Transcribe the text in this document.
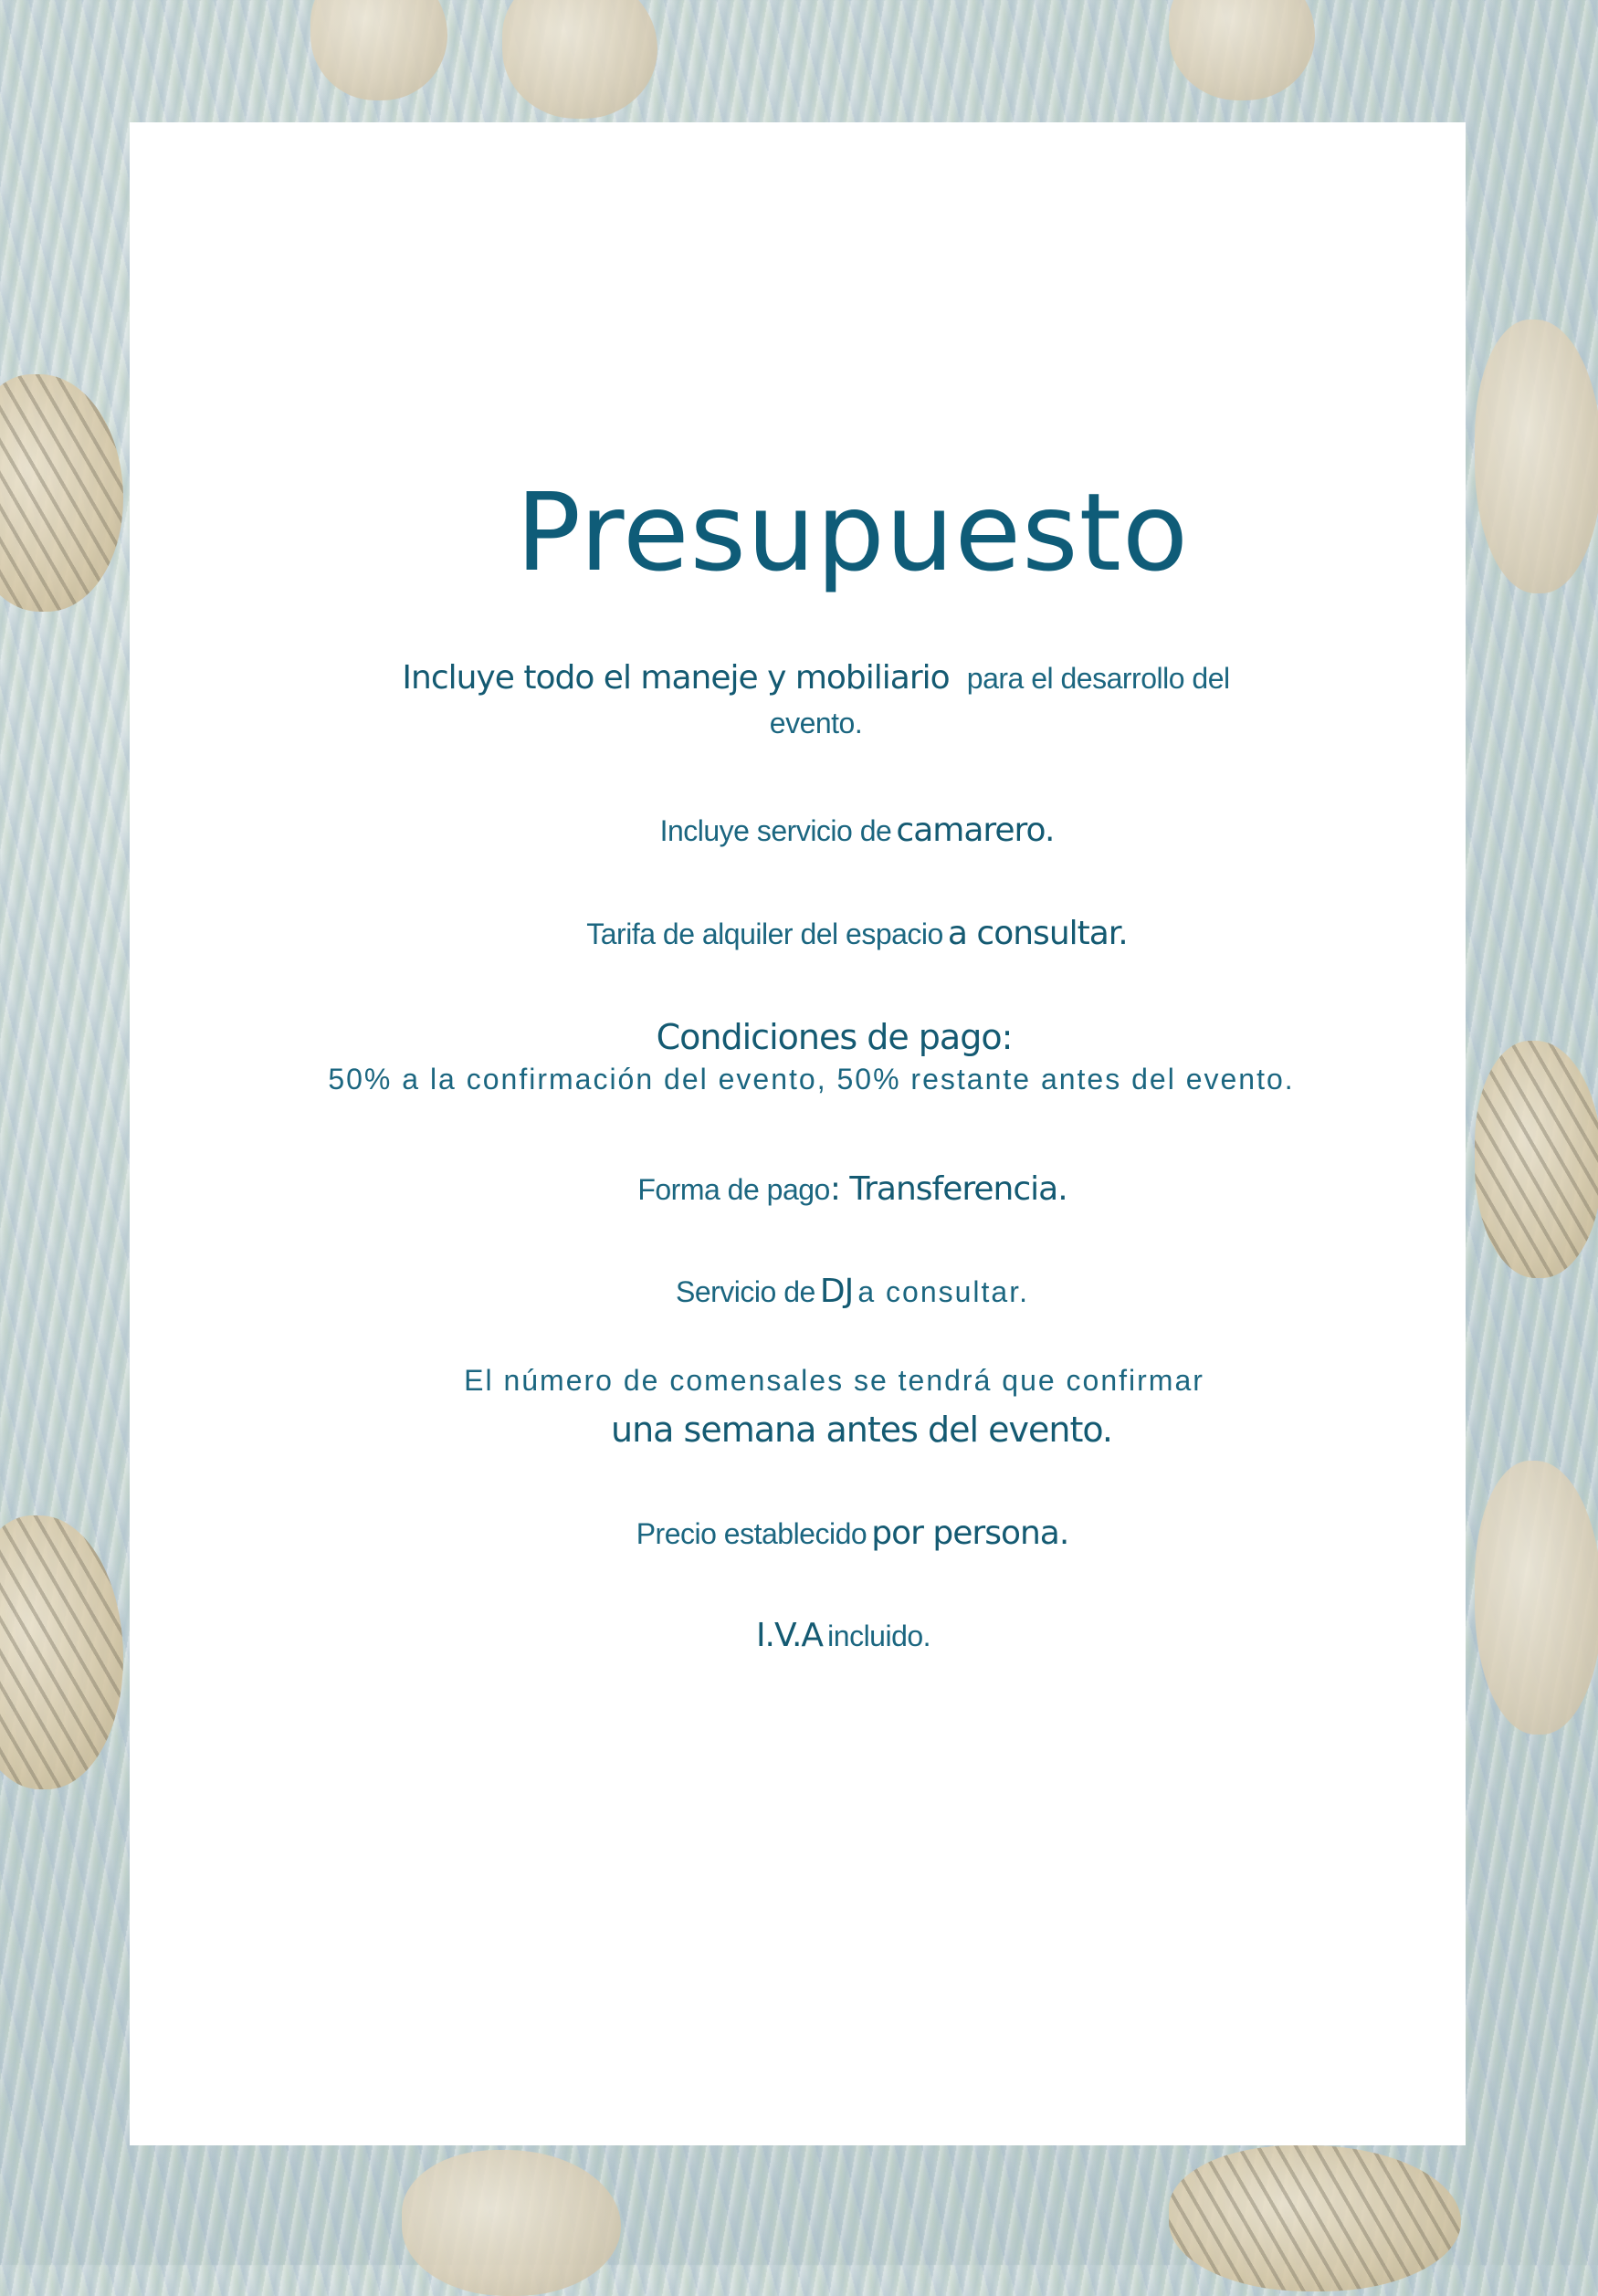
Presupuesto
Incluye todo el maneje y mobiliario para el desarrollo del
evento.
Incluye servicio de camarero.
Tarifa de alquiler del espacio a consultar.
Condiciones de pago:
50% a la confirmación del evento, 50% restante antes del evento.
Forma de pago: Transferencia.
Servicio de DJ a consultar.
El número de comensales se tendrá que confirmar
una semana antes del evento.
Precio establecido por persona.
I.V.A incluido.
